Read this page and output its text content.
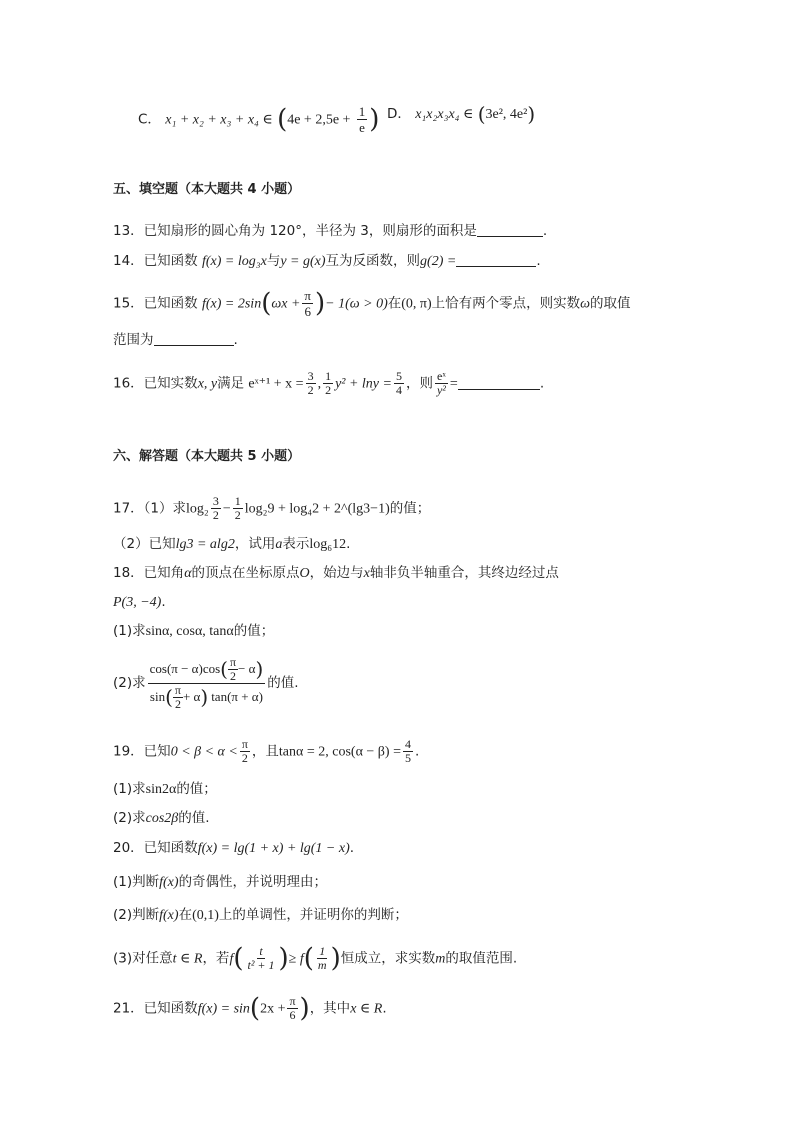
C． x₁ + x₂ + x₃ + x₄ ∈ ($4e + 2,5e + \frac{1}{e}$ ) D． x₁x₂x₃x₄ ∈ (3e², 4e²)
五、填空题（本大题共 4 小题）
13．已知扇形的圆心角为 120°，半径为 3，则扇形的面积是	.
14．已知函数 f(x) = log₃x与y = g(x)互为反函数，则g(2) =	.
15．已知函数 $f(x) = 2\sin(\omega x + \frac{\pi}{6}$ )− 1(ω > 0)在(0, π)上恰有两个零点，则实数ω的取值
范围为	.
16．已知实数x, y满足 eˣ⁺¹ + $x = \frac{3}{2}$ , $\frac{1}{2} y^2 + \ln y = \frac{5}{4}$ ，则 $\frac{\text{eˣ}}{\text{y²}}$ =	.
六、解答题（本大题共 5 小题）
17．（1）求$\log_2 \frac{3}{2} - \frac{1}{2} \log_29 + \log_42$ + 2^(lg3−1)的值；
（2）已知lg3 = alg2，试用a表示log₆12.
18．已知角α的顶点在坐标原点O，始边与x轴非负半轴重合，其终边经过点
P(3, −4).
(1)求sinα, cosα, tanα的值；
(2)求 $\frac{\cos(\pi - \alpha)\cos ( \frac{\pi}{2} - \alpha )}{\sin ( \frac{\pi}{2} + \alpha ) \tan(\pi + \alpha)}$ 的值.
19．已知$0 < \beta < \alpha < \frac{\pi}{2}$ ，且tanα = 2, $\cos(\alpha - \beta) = \frac{4}{5}$ .
(1)求sin2α的值；
(2)求cos2β的值.
20．已知函数f(x) = lg(1 + x) + lg(1 − x).
(1)判断f(x)的奇偶性，并说明理由；
(2)判断f(x)在(0,1)上的单调性，并证明你的判断；
(3)对任意t ∈ R，若$f( \frac{t}{\text{t² + 1}}$ )≥ $f( \frac{1}{m}$ )恒成立，求实数m的取值范围.
21．已知函数$f(x) = \sin(2x + \frac{\pi}{6}$ )，其中x ∈ R.
